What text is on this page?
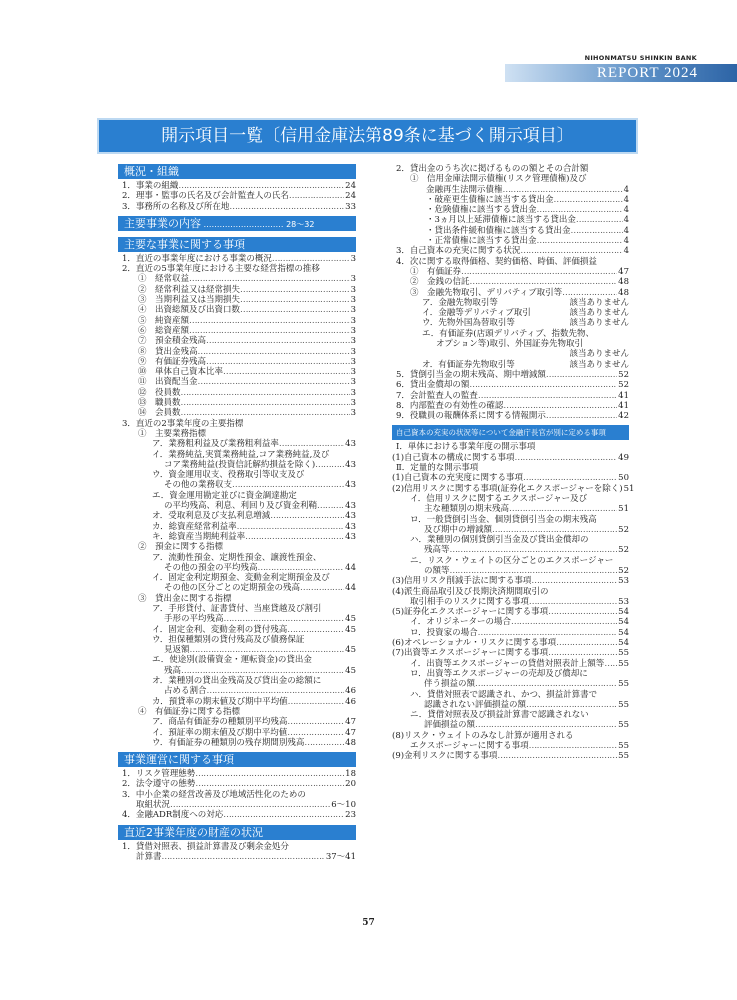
NIHONMATSU SHINKIN BANK
REPORT 2024
開示項目一覧〔信用金庫法第89条に基づく開示項目〕
概況・組織
1．事業の組織 ……………………………………………………………………………………………………………………	24
2．理事・監事の氏名及び会計監査人の氏名 ……………………………………………………………………………………………………………………	24
3．事務所の名称及び所在地 ……………………………………………………………………………………………………………………	33
主要事業の内容 ………………………… 28～32
主要な事業に関する事項
1．直近の事業年度における事業の概況 ……………………………………………………………………………………………………………………	3
2．直近の5事業年度における主要な経営指標の推移
①　経常収益 ……………………………………………………………………………………………………………………	3
②　経常利益又は経常損失 ……………………………………………………………………………………………………………………	3
③　当期利益又は当期損失 ……………………………………………………………………………………………………………………	3
④　出資総額及び出資口数 ……………………………………………………………………………………………………………………	3
⑤　純資産額 ……………………………………………………………………………………………………………………	3
⑥　総資産額 ……………………………………………………………………………………………………………………	3
⑦　預金積金残高 ……………………………………………………………………………………………………………………	3
⑧　貸出金残高 ……………………………………………………………………………………………………………………	3
⑨　有価証券残高 ……………………………………………………………………………………………………………………	3
⑩　単体自己資本比率 ……………………………………………………………………………………………………………………	3
⑪　出資配当金 ……………………………………………………………………………………………………………………	3
⑫　役員数 ……………………………………………………………………………………………………………………	3
⑬　職員数 ……………………………………………………………………………………………………………………	3
⑭　会員数 ……………………………………………………………………………………………………………………	3
3．直近の2事業年度の主要指標
①　主要業務指標
ア．業務粗利益及び業務粗利益率 ……………………………………………………………………………………………………………………	43
イ．業務純益,実質業務純益,コア業務純益,及び
コア業務純益(投資信託解約損益を除く) ……………………………………………………………………………………………………………………	43
ウ．資金運用収支、役務取引等収支及び
その他の業務収支 ……………………………………………………………………………………………………………………	43
エ．資金運用勘定並びに資金調達勘定
の平均残高、利息、利回り及び資金利鞘 ……………………………………………………………………………………………………………………	43
オ．受取利息及び支払利息増減 ……………………………………………………………………………………………………………………	43
カ．総資産経常利益率 ……………………………………………………………………………………………………………………	43
キ．総資産当期純利益率 ……………………………………………………………………………………………………………………	43
②　預金に関する指標
ア．流動性預金、定期性預金、譲渡性預金、
その他の預金の平均残高 ……………………………………………………………………………………………………………………	44
イ．固定金利定期預金、変動金利定期預金及び
その他の区分ごとの定期預金の残高 ……………………………………………………………………………………………………………………	44
③　貸出金に関する指標
ア．手形貸付、証書貸付、当座貸越及び割引
手形の平均残高 ……………………………………………………………………………………………………………………	45
イ．固定金利、変動金利の貸付残高 ……………………………………………………………………………………………………………………	45
ウ．担保種類別の貸付残高及び債務保証
見返額 ……………………………………………………………………………………………………………………	45
エ．使途別(設備資金・運転資金)の貸出金
残高 ……………………………………………………………………………………………………………………	45
オ．業種別の貸出金残高及び貸出金の総額に
占める割合 ……………………………………………………………………………………………………………………	46
カ．預貸率の期末値及び期中平均値 ……………………………………………………………………………………………………………………	46
④　有価証券に関する指標
ア．商品有価証券の種類別平均残高 ……………………………………………………………………………………………………………………	47
イ．預証率の期末値及び期中平均値 ……………………………………………………………………………………………………………………	47
ウ．有価証券の種類別の残存期間別残高 ……………………………………………………………………………………………………………………	48
事業運営に関する事項
1．リスク管理態勢 ……………………………………………………………………………………………………………………	18
2．法令遵守の態勢 ……………………………………………………………………………………………………………………	20
3．中小企業の経営改善及び地域活性化のための
取組状況 ……………………………………………………………………………………………………………………	6～10
4．金融ADR制度への対応 ……………………………………………………………………………………………………………………	23
直近2事業年度の財産の状況
1．貸借対照表、損益計算書及び剰余金処分
計算書 ……………………………………………………………………………………………………………………	37～41
2．貸出金のうち次に掲げるものの額とその合計額
①　信用金庫法開示債権(リスク管理債権)及び
金融再生法開示債権 ……………………………………………………………………………………………………………………	4
・破産更生債権に該当する貸出金 ……………………………………………………………………………………………………………………	4
・危険債権に該当する貸出金 ……………………………………………………………………………………………………………………	4
・3ヵ月以上延滞債権に該当する貸出金 ……………………………………………………………………………………………………………………	4
・貸出条件緩和債権に該当する貸出金 ……………………………………………………………………………………………………………………	4
・正常債権に該当する貸出金 ……………………………………………………………………………………………………………………	4
3．自己資本の充実に関する状況 ……………………………………………………………………………………………………………………	4
4．次に関する取得価格、契約価格、時価、評価損益
①　有価証券 ……………………………………………………………………………………………………………………	47
②　金銭の信託 ……………………………………………………………………………………………………………………	48
③　金融先物取引、デリバティブ取引等 ……………………………………………………………………………………………………………………	48
ア．金融先物取引等	該当ありません
イ．金融等デリバティブ取引	該当ありません
ウ．先物外国為替取引等	該当ありません
エ．有価証券(店頭デリバティブ、指数先物、
オプション等)取引、外国証券先物取引
該当ありません
オ．有価証券先物取引等	該当ありません
5．貸倒引当金の期末残高、期中増減額 ……………………………………………………………………………………………………………………	52
6．貸出金償却の額 ……………………………………………………………………………………………………………………	52
7．会計監査人の監査 ……………………………………………………………………………………………………………………	41
8．内部監査の有効性の確認 ……………………………………………………………………………………………………………………	41
9．役職員の報酬体系に関する情報開示 ……………………………………………………………………………………………………………………	42
自己資本の充実の状況等について金融庁長官が別に定める事項
Ⅰ．単体における事業年度の開示事項
(1)自己資本の構成に関する事項 ……………………………………………………………………………………………………………………	49
Ⅱ．定量的な開示事項
(1)自己資本の充実度に関する事項 ……………………………………………………………………………………………………………………	50
(2)信用リスクに関する事項(証券化エクスポージャーを除く) 51
イ．信用リスクに関するエクスポージャー及び
主な種類別の期末残高 ……………………………………………………………………………………………………………………	51
ロ．一般貸倒引当金、個別貸倒引当金の期末残高
及び期中の増減額 ……………………………………………………………………………………………………………………	52
ハ．業種別の個別貸倒引当金及び貸出金償却の
残高等 ……………………………………………………………………………………………………………………	52
ニ．リスク・ウェイトの区分ごとのエクスポージャー
の額等 ……………………………………………………………………………………………………………………	52
(3)信用リスク削減手法に関する事項 ……………………………………………………………………………………………………………………	53
(4)派生商品取引及び長期決済期間取引の
取引相手のリスクに関する事項 ……………………………………………………………………………………………………………………	53
(5)証券化エクスポージャーに関する事項 ……………………………………………………………………………………………………………………	54
イ．オリジネーターの場合 ……………………………………………………………………………………………………………………	54
ロ．投資家の場合 ……………………………………………………………………………………………………………………	54
(6)オペレーショナル・リスクに関する事項 ……………………………………………………………………………………………………………………	54
(7)出資等エクスポージャーに関する事項 ……………………………………………………………………………………………………………………	55
イ．出資等エクスポージャーの貸借対照表計上額等 …………………………………………………………………………………………………………………… 55
ロ．出資等エクスポージャーの売却及び償却に
伴う損益の額 ……………………………………………………………………………………………………………………	55
ハ．貸借対照表で認識され、かつ、損益計算書で
認識されない評価損益の額 ……………………………………………………………………………………………………………………	55
ニ．貸借対照表及び損益計算書で認識されない
評価損益の額 ……………………………………………………………………………………………………………………	55
(8)リスク・ウェイトのみなし計算が適用される
エクスポージャーに関する事項 ……………………………………………………………………………………………………………………	55
(9)金利リスクに関する事項 ……………………………………………………………………………………………………………………	55
57
